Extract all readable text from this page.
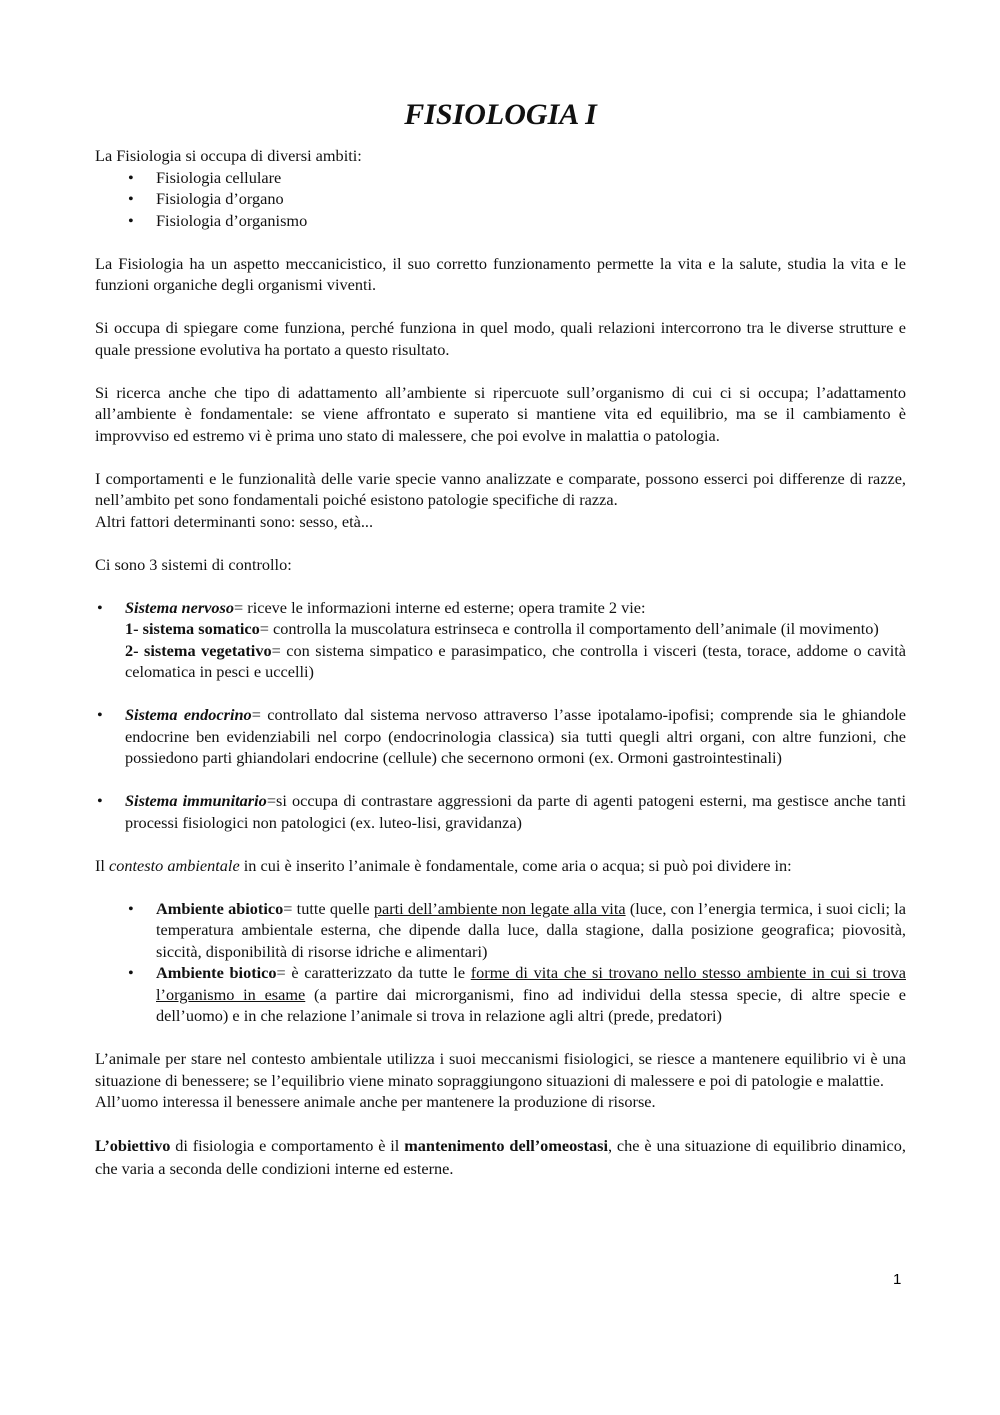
FISIOLOGIA I

La Fisiologia si occupa di diversi ambiti:

• Fisiologia cellulare
• Fisiologia d’organo
• Fisiologia d’organismo

La Fisiologia ha un aspetto meccanicistico, il suo corretto funzionamento permette la vita e la salute, studia la vita e le funzioni organiche degli organismi viventi.

Si occupa di spiegare come funziona, perché funziona in quel modo, quali relazioni intercorrono tra le diverse strutture e quale pressione evolutiva ha portato a questo risultato.

Si ricerca anche che tipo di adattamento all’ambiente si ripercuote sull’organismo di cui ci si occupa; l’adattamento all’ambiente è fondamentale: se viene affrontato e superato si mantiene vita ed equilibrio, ma se il cambiamento è improvviso ed estremo vi è prima uno stato di malessere, che poi evolve in malattia o patologia.

I comportamenti e le funzionalità delle varie specie vanno analizzate e comparate, possono esserci poi differenze di razze, nell’ambito pet sono fondamentali poiché esistono patologie specifiche di razza.

Altri fattori determinanti sono: sesso, età...

Ci sono 3 sistemi di controllo:

• Sistema nervoso= riceve le informazioni interne ed esterne; opera tramite 2 vie:
1- sistema somatico= controlla la muscolatura estrinseca e controlla il comportamento dell’animale (il movimento)
2- sistema vegetativo= con sistema simpatico e parasimpatico, che controlla i visceri (testa, torace, addome o cavità celomatica in pesci e uccelli)
• Sistema endocrino= controllato dal sistema nervoso attraverso l’asse ipotalamo-ipofisi; comprende sia le ghiandole endocrine ben evidenziabili nel corpo (endocrinologia classica) sia tutti quegli altri organi, con altre funzioni, che possiedono parti ghiandolari endocrine (cellule) che secernono ormoni (ex. Ormoni gastrointestinali)
• Sistema immunitario=si occupa di contrastare aggressioni da parte di agenti patogeni esterni, ma gestisce anche tanti processi fisiologici non patologici (ex. luteo-lisi, gravidanza)

Il contesto ambientale in cui è inserito l’animale è fondamentale, come aria o acqua; si può poi dividere in:

• Ambiente abiotico= tutte quelle parti dell’ambiente non legate alla vita (luce, con l’energia termica, i suoi cicli; la temperatura ambientale esterna, che dipende dalla luce, dalla stagione, dalla posizione geografica; piovosità, siccità, disponibilità di risorse idriche e alimentari)
• Ambiente biotico= è caratterizzato da tutte le forme di vita che si trovano nello stesso ambiente in cui si trova l’organismo in esame (a partire dai microrganismi, fino ad individui della stessa specie, di altre specie e dell’uomo) e in che relazione l’animale si trova in relazione agli altri (prede, predatori)

L’animale per stare nel contesto ambientale utilizza i suoi meccanismi fisiologici, se riesce a mantenere equilibrio vi è una situazione di benessere; se l’equilibrio viene minato sopraggiungono situazioni di malessere e poi di patologie e malattie.

All’uomo interessa il benessere animale anche per mantenere la produzione di risorse.

L’obiettivo di fisiologia e comportamento è il mantenimento dell’omeostasi, che è una situazione di equilibrio dinamico, che varia a seconda delle condizioni interne ed esterne.

1
